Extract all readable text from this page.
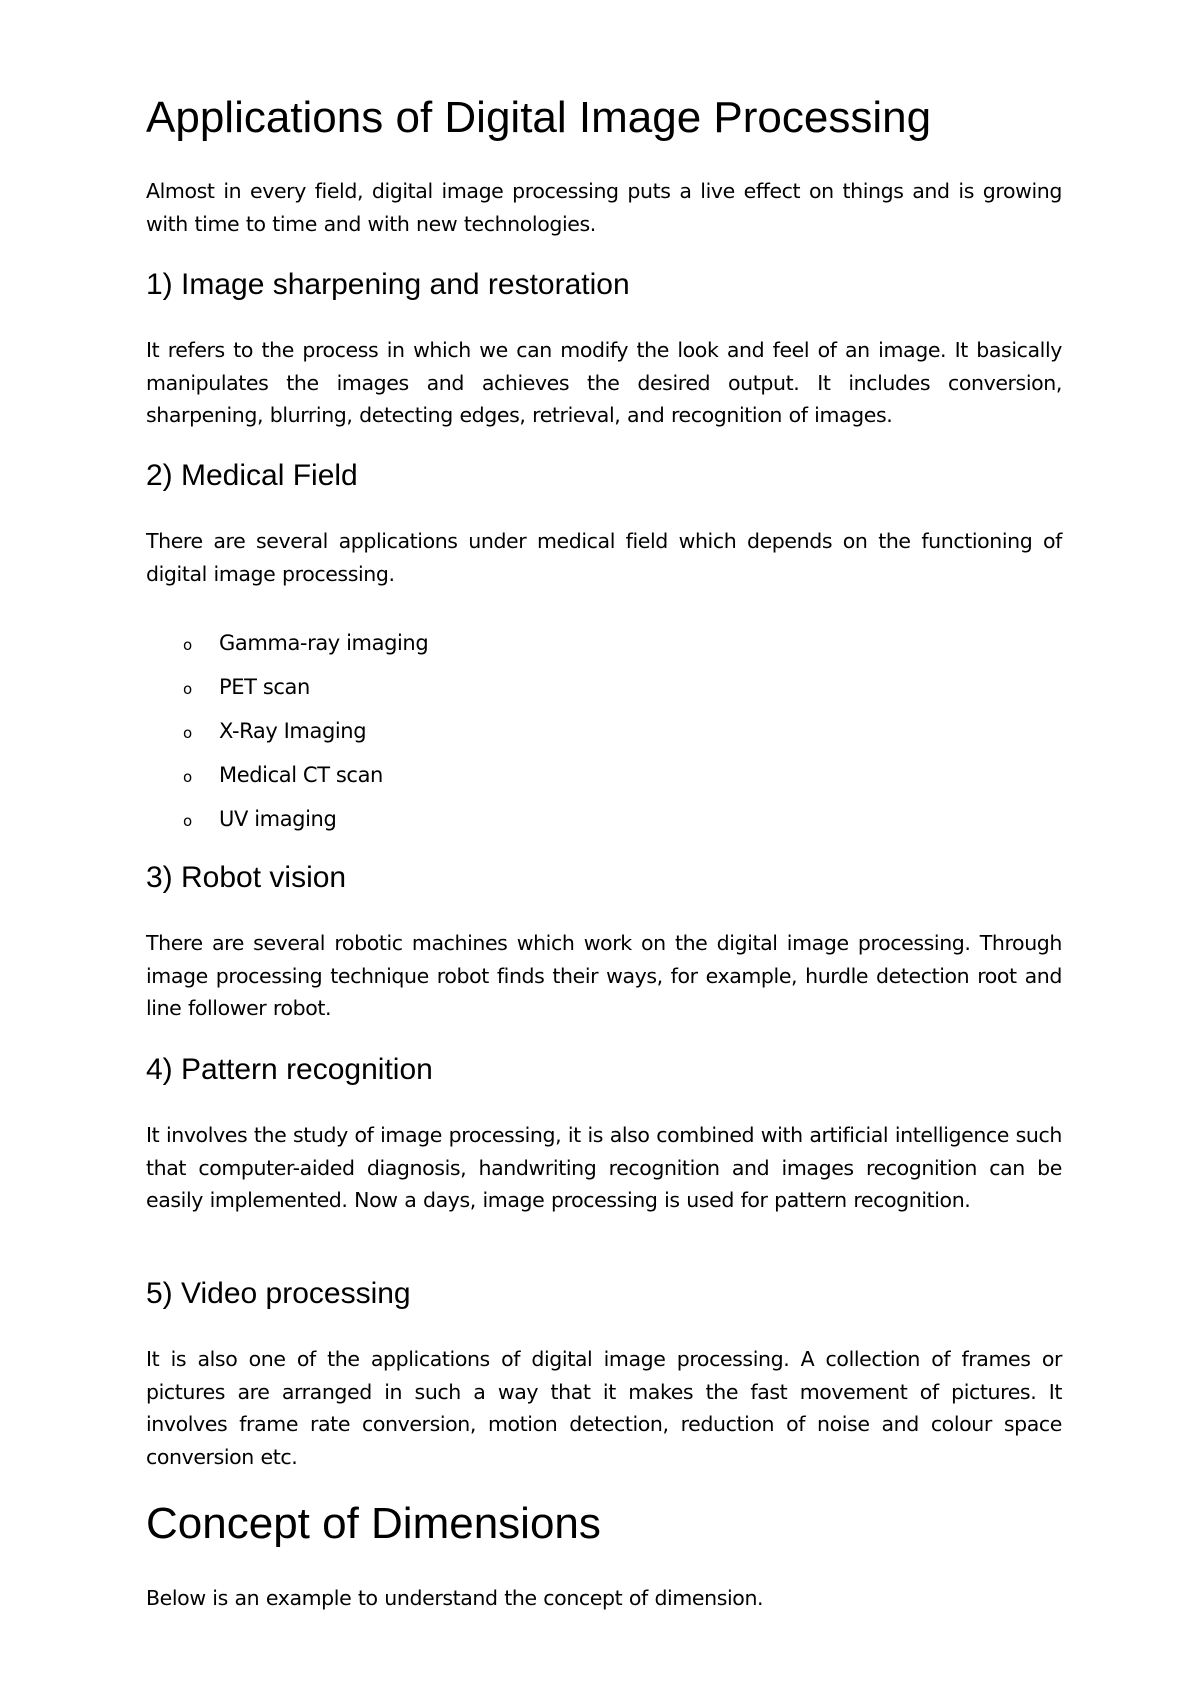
Applications of Digital Image Processing

Almost in every field, digital image processing puts a live effect on things and is growing with time to time and with new technologies.

1) Image sharpening and restoration

It refers to the process in which we can modify the look and feel of an image. It basically manipulates the images and achieves the desired output. It includes conversion, sharpening, blurring, detecting edges, retrieval, and recognition of images.

2) Medical Field

There are several applications under medical field which depends on the functioning of digital image processing.

o Gamma-ray imaging
o PET scan
o X-Ray Imaging
o Medical CT scan
o UV imaging
3) Robot vision

There are several robotic machines which work on the digital image processing. Through image processing technique robot finds their ways, for example, hurdle detection root and line follower robot.

4) Pattern recognition

It involves the study of image processing, it is also combined with artificial intelligence such that computer-aided diagnosis, handwriting recognition and images recognition can be easily implemented. Now a days, image processing is used for pattern recognition.

5) Video processing

It is also one of the applications of digital image processing. A collection of frames or pictures are arranged in such a way that it makes the fast movement of pictures. It involves frame rate conversion, motion detection, reduction of noise and colour space conversion etc.

Concept of Dimensions

Below is an example to understand the concept of dimension.
